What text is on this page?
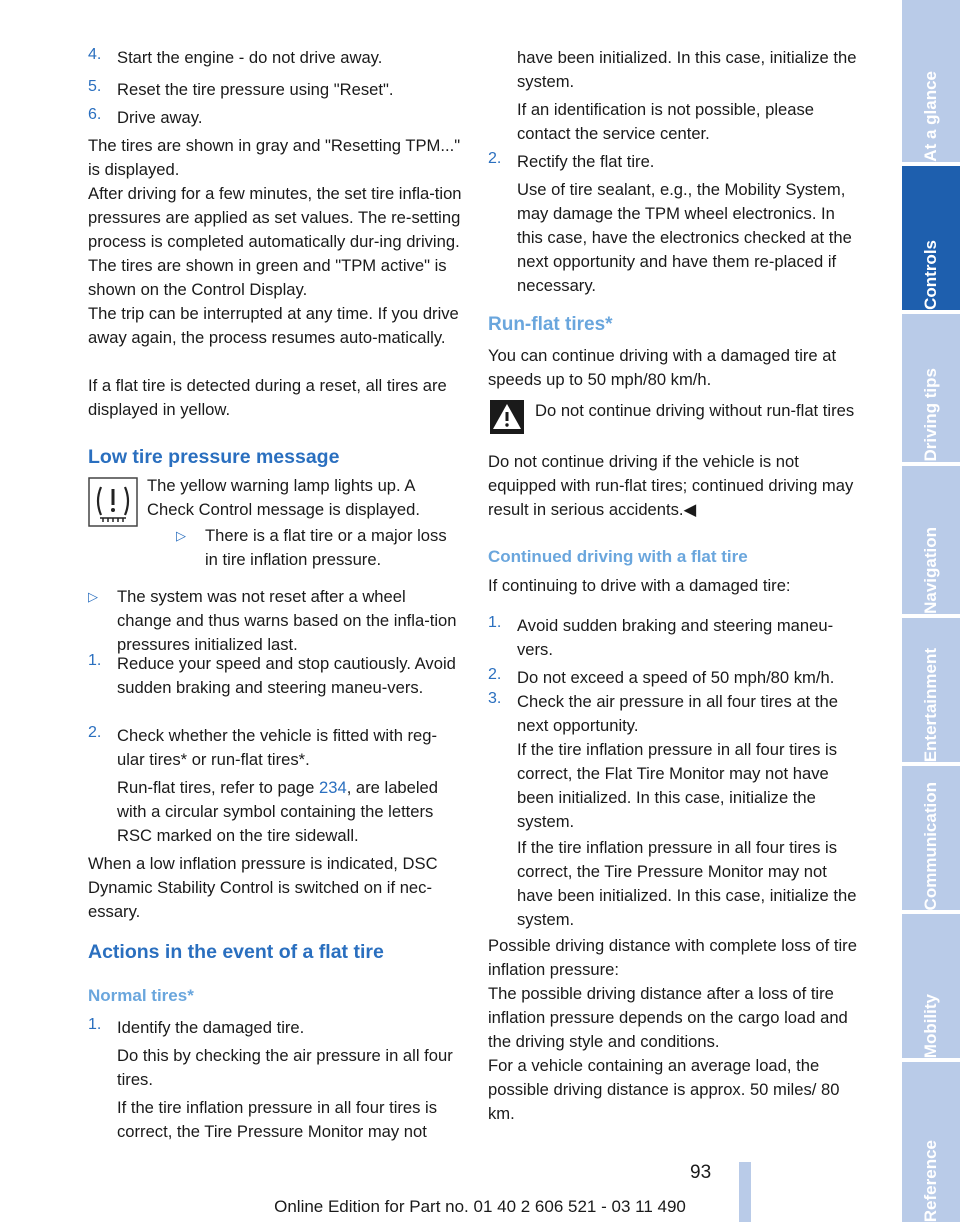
4. Start the engine - do not drive away.

5. Reset the tire pressure using "Reset".

6. Drive away.

The tires are shown in gray and "Resetting TPM..." is displayed.

After driving for a few minutes, the set tire infla-tion pressures are applied as set values. The re-setting process is completed automatically dur-ing driving. The tires are shown in green and "TPM active" is shown on the Control Display.

The trip can be interrupted at any time. If you drive away again, the process resumes auto-matically.

If a flat tire is detected during a reset, all tires are displayed in yellow.

Low tire pressure message

The yellow warning lamp lights up. A Check Control message is displayed.

▷	There is a flat tire or a major loss in tire inflation pressure.

▷ The system was not reset after a wheel change and thus warns based on the infla-tion pressures initialized last.

1. Reduce your speed and stop cautiously. Avoid sudden braking and steering maneu-vers.

2. Check whether the vehicle is fitted with reg-ular tires* or run-flat tires*.

Run-flat tires, refer to page 234, are labeled with a circular symbol containing the letters RSC marked on the tire sidewall.

When a low inflation pressure is indicated, DSC Dynamic Stability Control is switched on if nec-essary.

Actions in the event of a flat tire
Normal tires*
1. Identify the damaged tire.

Do this by checking the air pressure in all four tires.

If the tire inflation pressure in all four tires is correct, the Tire Pressure Monitor may not

have been initialized. In this case, initialize the system.

If an identification is not possible, please contact the service center.

2. Rectify the flat tire.

Use of tire sealant, e.g., the Mobility System, may damage the TPM wheel electronics. In this case, have the electronics checked at the next opportunity and have them re-placed if necessary.

Run-flat tires*

You can continue driving with a damaged tire at speeds up to 50 mph/80 km/h.

Do not continue driving without run-flat tires

Do not continue driving if the vehicle is not equipped with run-flat tires; continued driving may result in serious accidents.◀

Continued driving with a flat tire

If continuing to drive with a damaged tire:

1. Avoid sudden braking and steering maneu-vers.

2. Do not exceed a speed of 50 mph/80 km/h.

3. Check the air pressure in all four tires at the next opportunity.

If the tire inflation pressure in all four tires is correct, the Flat Tire Monitor may not have been initialized. In this case, initialize the system.

If the tire inflation pressure in all four tires is correct, the Tire Pressure Monitor may not have been initialized. In this case, initialize the system.

Possible driving distance with complete loss of tire inflation pressure:

The possible driving distance after a loss of tire inflation pressure depends on the cargo load and the driving style and conditions.

For a vehicle containing an average load, the possible driving distance is approx. 50 miles/ 80 km.

At a glance
Controls
Driving tips
Navigation
Entertainment
Communication
Mobility
Reference
93
Online Edition for Part no. 01 40 2 606 521 - 03 11 490
